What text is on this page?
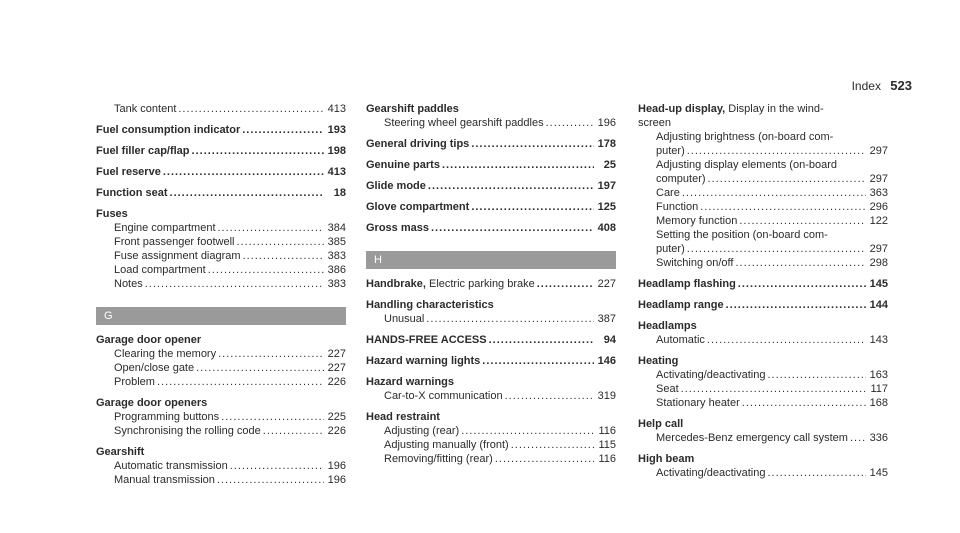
Index 523
Tank content .....	413
Fuel consumption indicator .....	193
Fuel filler cap/flap .....	198
Fuel reserve .....	413
Function seat .....	18
Fuses
Engine compartment .....	384
Front passenger footwell .....	385
Fuse assignment diagram .....	383
Load compartment .....	386
Notes .....	383
G
Garage door opener
Clearing the memory .....	227
Open/close gate .....	227
Problem .....	226
Garage door openers
Programming buttons .....	225
Synchronising the rolling code .....	226
Gearshift
Automatic transmission .....	196
Manual transmission .....	196
Gearshift paddles
Steering wheel gearshift paddles .....	196
General driving tips .....	178
Genuine parts .....	25
Glide mode .....	197
Glove compartment .....	125
Gross mass .....	408
H
Handbrake, Electric parking brake .....	227
Handling characteristics
Unusual .....	387
HANDS-FREE ACCESS .....	94
Hazard warning lights .....	146
Hazard warnings
Car-to-X communication .....	319
Head restraint
Adjusting (rear) .....	116
Adjusting manually (front) .....	115
Removing/fitting (rear) .....	116
Head-up display, Display in the wind-
screen
Adjusting brightness (on-board com-
puter) .....	297
Adjusting display elements (on-board
computer) .....	297
Care .....	363
Function .....	296
Memory function .....	122
Setting the position (on-board com-
puter) .....	297
Switching on/off .....	298
Headlamp flashing .....	145
Headlamp range .....	144
Headlamps
Automatic .....	143
Heating
Activating/deactivating .....	163
Seat .....	117
Stationary heater .....	168
Help call
Mercedes-Benz emergency call system ..... 336
High beam
Activating/deactivating .....	145
